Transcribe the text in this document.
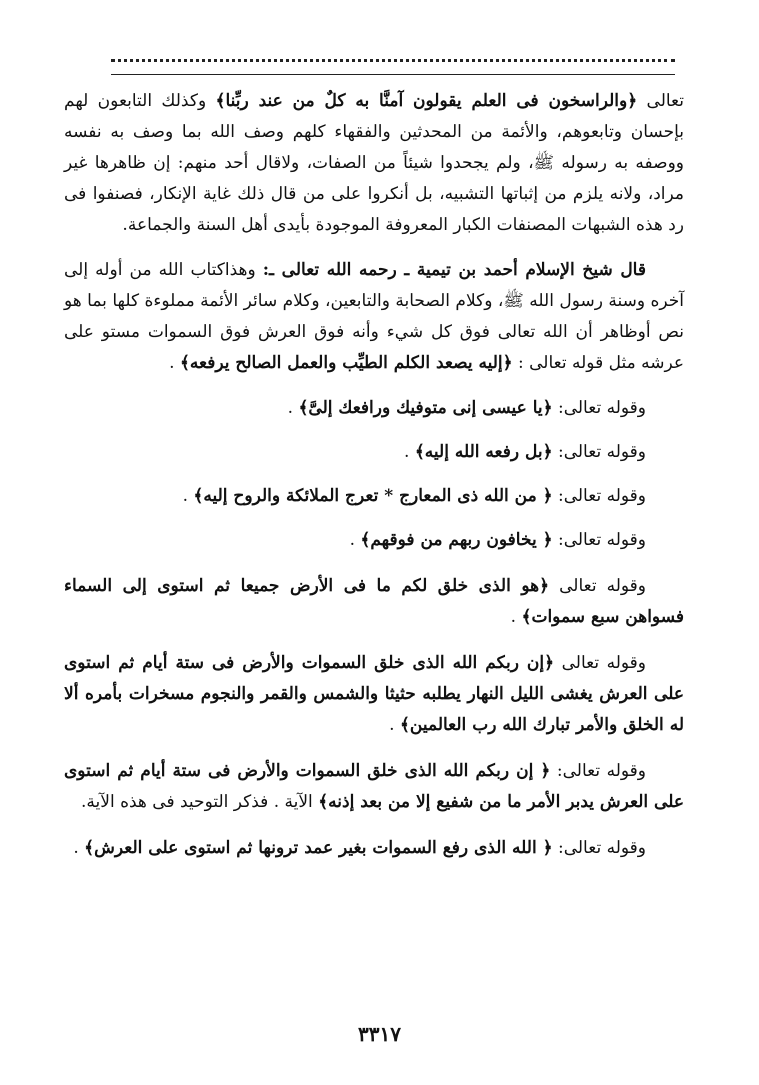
تعالى ﴿والراسخون فى العلم يقولون آمنَّا به كلٌ من عند ربِّنا﴾ وكذلك التابعون لهم بإحسان وتابعوهم، والأئمة من المحدثين والفقهاء كلهم وصف الله بما وصف به نفسه ووصفه به رسوله ﷺ، ولم يجحدوا شيئاً من الصفات، ولاقال أحد منهم: إن ظاهرها غير مراد، ولانه يلزم من إثباتها التشبيه، بل أنكروا على من قال ذلك غاية الإنكار، فصنفوا فى رد هذه الشبهات المصنفات الكبار المعروفة الموجودة بأيدى أهل السنة والجماعة.

قال شيخ الإسلام أحمد بن تيمية ـ رحمه الله تعالى ـ: وهذاكتاب الله من أوله إلى آخره وسنة رسول الله ﷺ، وكلام الصحابة والتابعين، وكلام سائر الأئمة مملوءة كلها بما هو نص أوظاهر أن الله تعالى فوق كل شيء وأنه فوق العرش فوق السموات مستو على عرشه مثل قوله تعالى : ﴿إليه يصعد الكلم الطيِّب والعمل الصالح يرفعه﴾ .

وقوله تعالى: ﴿يا عيسى إنى متوفيك ورافعك إلىَّ﴾ .

وقوله تعالى: ﴿بل رفعه الله إليه﴾ .

وقوله تعالى: ﴿ من الله ذى المعارج * تعرج الملائكة والروح إليه﴾ .

وقوله تعالى: ﴿ يخافون ربهم من فوقهم﴾ .

وقوله تعالى ﴿هو الذى خلق لكم ما فى الأرض جميعا ثم استوى إلى السماء فسواهن سبع سموات﴾ .

وقوله تعالى ﴿إن ربكم الله الذى خلق السموات والأرض فى ستة أيام ثم استوى على العرش يغشى الليل النهار يطلبه حثيثا والشمس والقمر والنجوم مسخرات بأمره ألا له الخلق والأمر تبارك الله رب العالمين﴾ .

وقوله تعالى: ﴿ إن ربكم الله الذى خلق السموات والأرض فى ستة أيام ثم استوى على العرش يدبر الأمر ما من شفيع إلا من بعد إذنه﴾ الآية . فذكر التوحيد فى هذه الآية.

وقوله تعالى: ﴿ الله الذى رفع السموات بغير عمد ترونها ثم استوى على العرش﴾ .

٣٣١٧
